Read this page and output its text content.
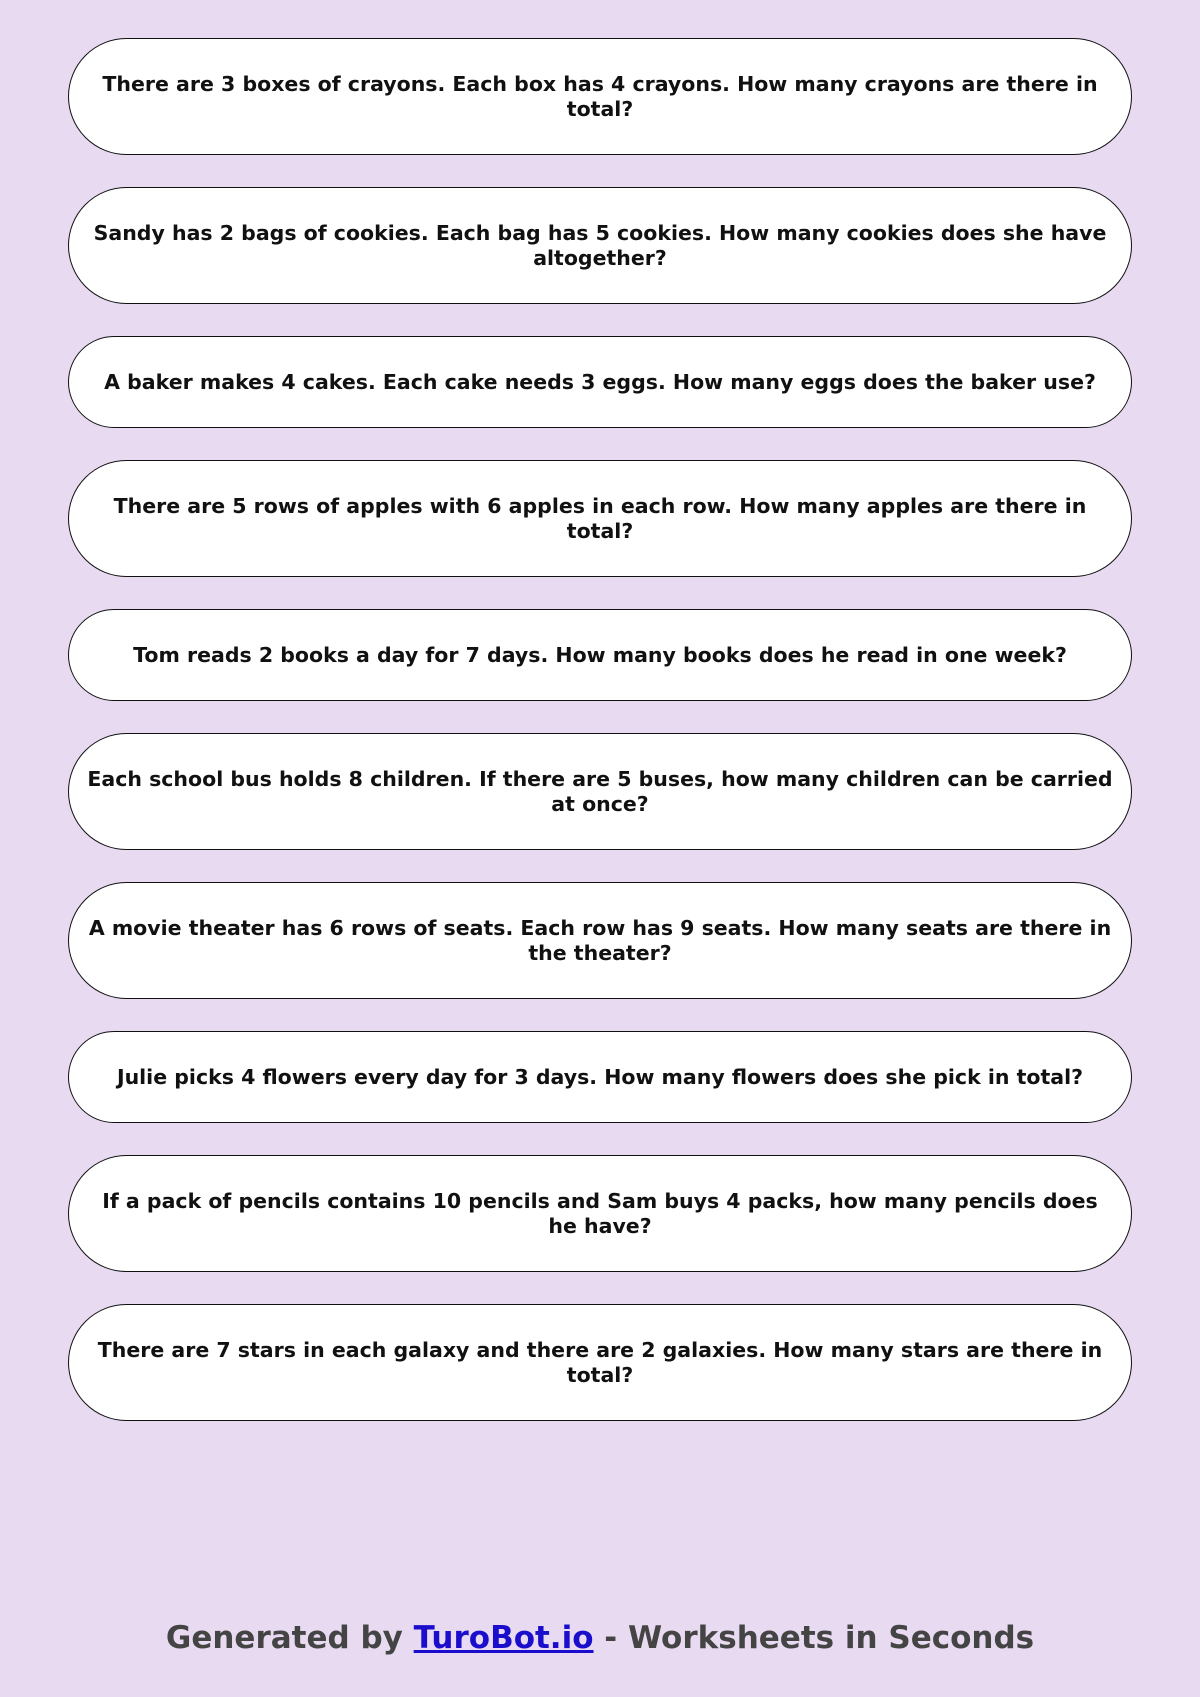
There are 3 boxes of crayons. Each box has 4 crayons. How many crayons are there in total?

Sandy has 2 bags of cookies. Each bag has 5 cookies. How many cookies does she have altogether?

A baker makes 4 cakes. Each cake needs 3 eggs. How many eggs does the baker use?

There are 5 rows of apples with 6 apples in each row. How many apples are there in total?

Tom reads 2 books a day for 7 days. How many books does he read in one week?

Each school bus holds 8 children. If there are 5 buses, how many children can be carried at once?

A movie theater has 6 rows of seats. Each row has 9 seats. How many seats are there in the theater?

Julie picks 4 flowers every day for 3 days. How many flowers does she pick in total?

If a pack of pencils contains 10 pencils and Sam buys 4 packs, how many pencils does he have?

There are 7 stars in each galaxy and there are 2 galaxies. How many stars are there in total?

Generated by TuroBot.io - Worksheets in Seconds
